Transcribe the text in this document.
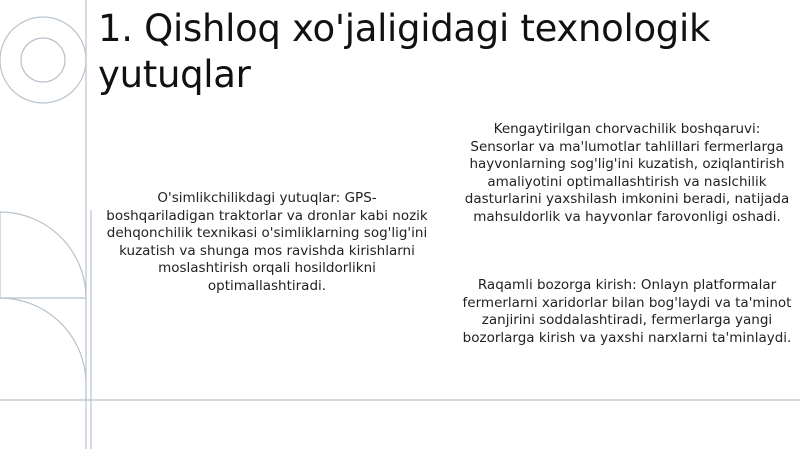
1. Qishloq xo'jaligidagi texnologik yutuqlar
O'simlikchilikdagi yutuqlar: GPS-boshqariladigan traktorlar va dronlar kabi nozik dehqonchilik texnikasi o'simliklarning sog'lig'ini kuzatish va shunga mos ravishda kirishlarni moslashtirish orqali hosildorlikni optimallashtiradi.
Kengaytirilgan chorvachilik boshqaruvi: Sensorlar va ma'lumotlar tahlillari fermerlarga hayvonlarning sog'lig'ini kuzatish, oziqlantirish amaliyotini optimallashtirish va naslchilik dasturlarini yaxshilash imkonini beradi, natijada mahsuldorlik va hayvonlar farovonligi oshadi.
Raqamli bozorga kirish: Onlayn platformalar fermerlarni xaridorlar bilan bog'laydi va ta'minot zanjirini soddalashtiradi, fermerlarga yangi bozorlarga kirish va yaxshi narxlarni ta'minlaydi.
